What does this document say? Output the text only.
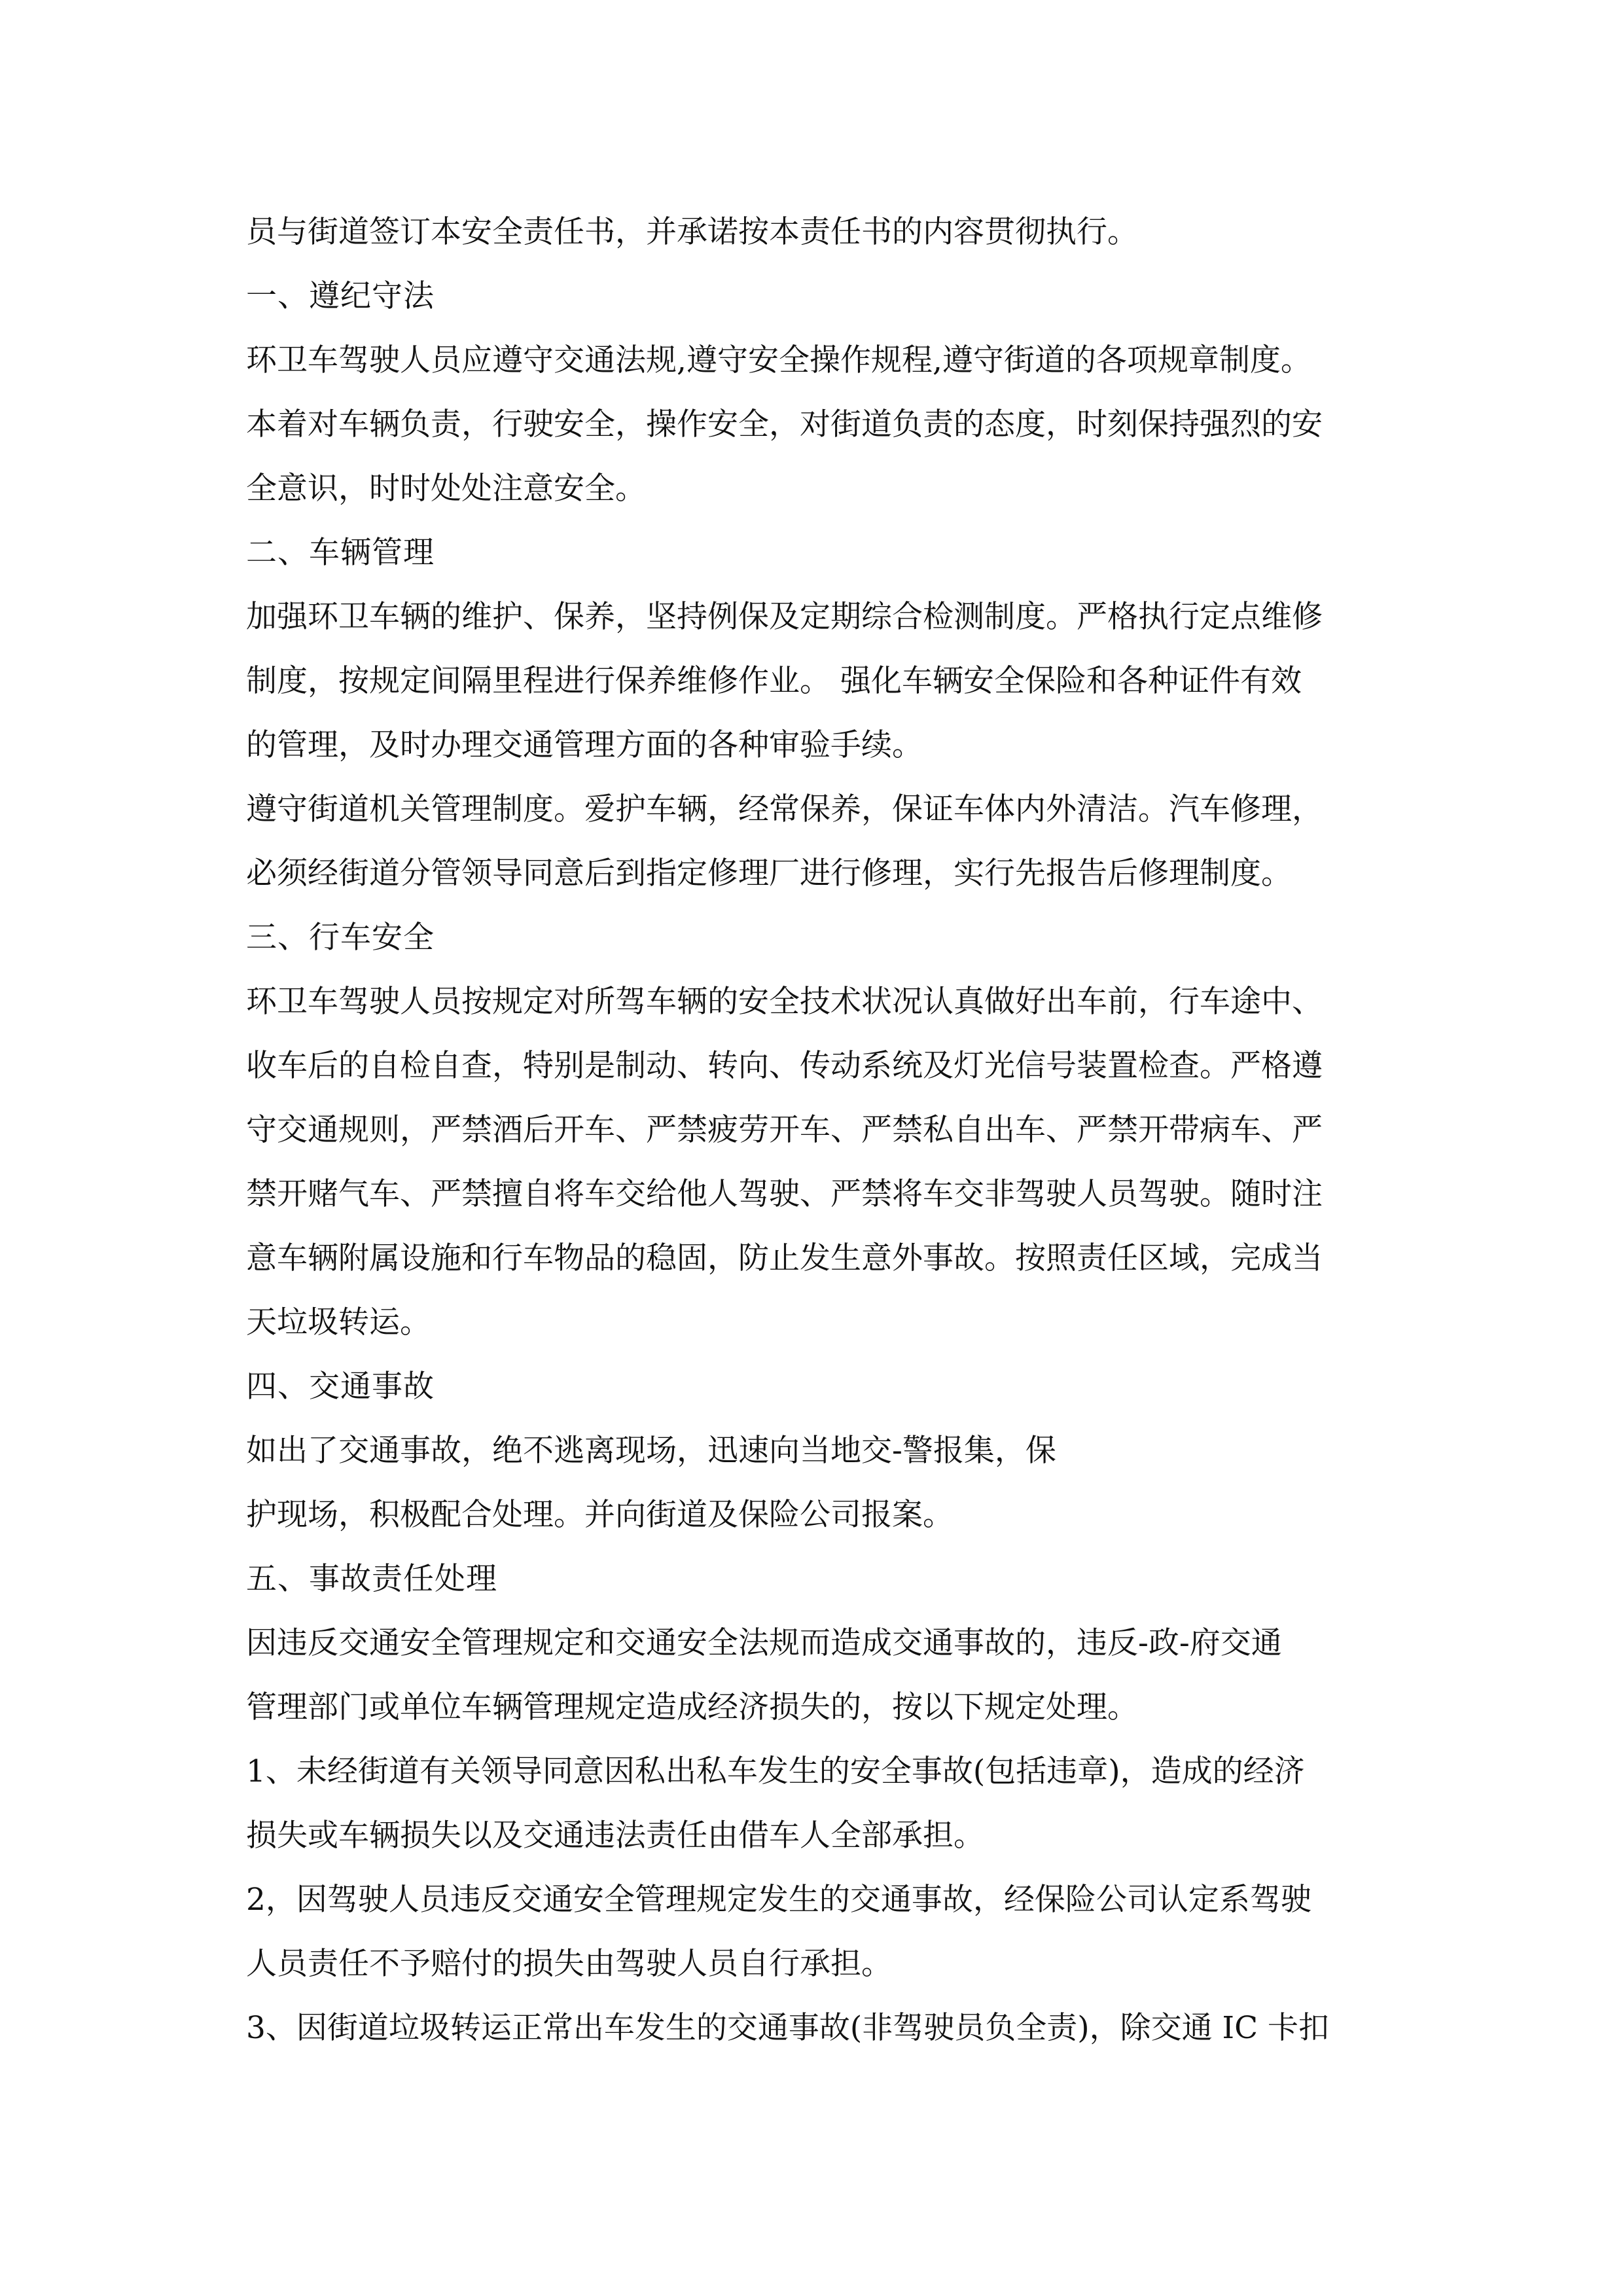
员与街道签订本安全责任书，并承诺按本责任书的内容贯彻执行。
一、遵纪守法
环卫车驾驶人员应遵守交通法规,遵守安全操作规程,遵守街道的各项规章制度。
本着对车辆负责，行驶安全，操作安全，对街道负责的态度，时刻保持强烈的安
全意识，时时处处注意安全。
二、车辆管理
加强环卫车辆的维护、保养，坚持例保及定期综合检测制度。严格执行定点维修
制度，按规定间隔里程进行保养维修作业。 强化车辆安全保险和各种证件有效
的管理，及时办理交通管理方面的各种审验手续。
遵守街道机关管理制度。爱护车辆，经常保养，保证车体内外清洁。汽车修理，
必须经街道分管领导同意后到指定修理厂进行修理，实行先报告后修理制度。
三、行车安全
环卫车驾驶人员按规定对所驾车辆的安全技术状况认真做好出车前，行车途中、
收车后的自检自查，特别是制动、转向、传动系统及灯光信号装置检查。严格遵
守交通规则，严禁酒后开车、严禁疲劳开车、严禁私自出车、严禁开带病车、严
禁开赌气车、严禁擅自将车交给他人驾驶、严禁将车交非驾驶人员驾驶。随时注
意车辆附属设施和行车物品的稳固，防止发生意外事故。按照责任区域，完成当
天垃圾转运。
四、交通事故
如出了交通事故，绝不逃离现场，迅速向当地交-警报集，保
护现场，积极配合处理。并向街道及保险公司报案。
五、事故责任处理
因违反交通安全管理规定和交通安全法规而造成交通事故的，违反-政-府交通
管理部门或单位车辆管理规定造成经济损失的，按以下规定处理。
1、未经街道有关领导同意因私出私车发生的安全事故(包括违章)，造成的经济
损失或车辆损失以及交通违法责任由借车人全部承担。
2，因驾驶人员违反交通安全管理规定发生的交通事故，经保险公司认定系驾驶
人员责任不予赔付的损失由驾驶人员自行承担。
3、因街道垃圾转运正常出车发生的交通事故(非驾驶员负全责)，除交通 IC 卡扣
